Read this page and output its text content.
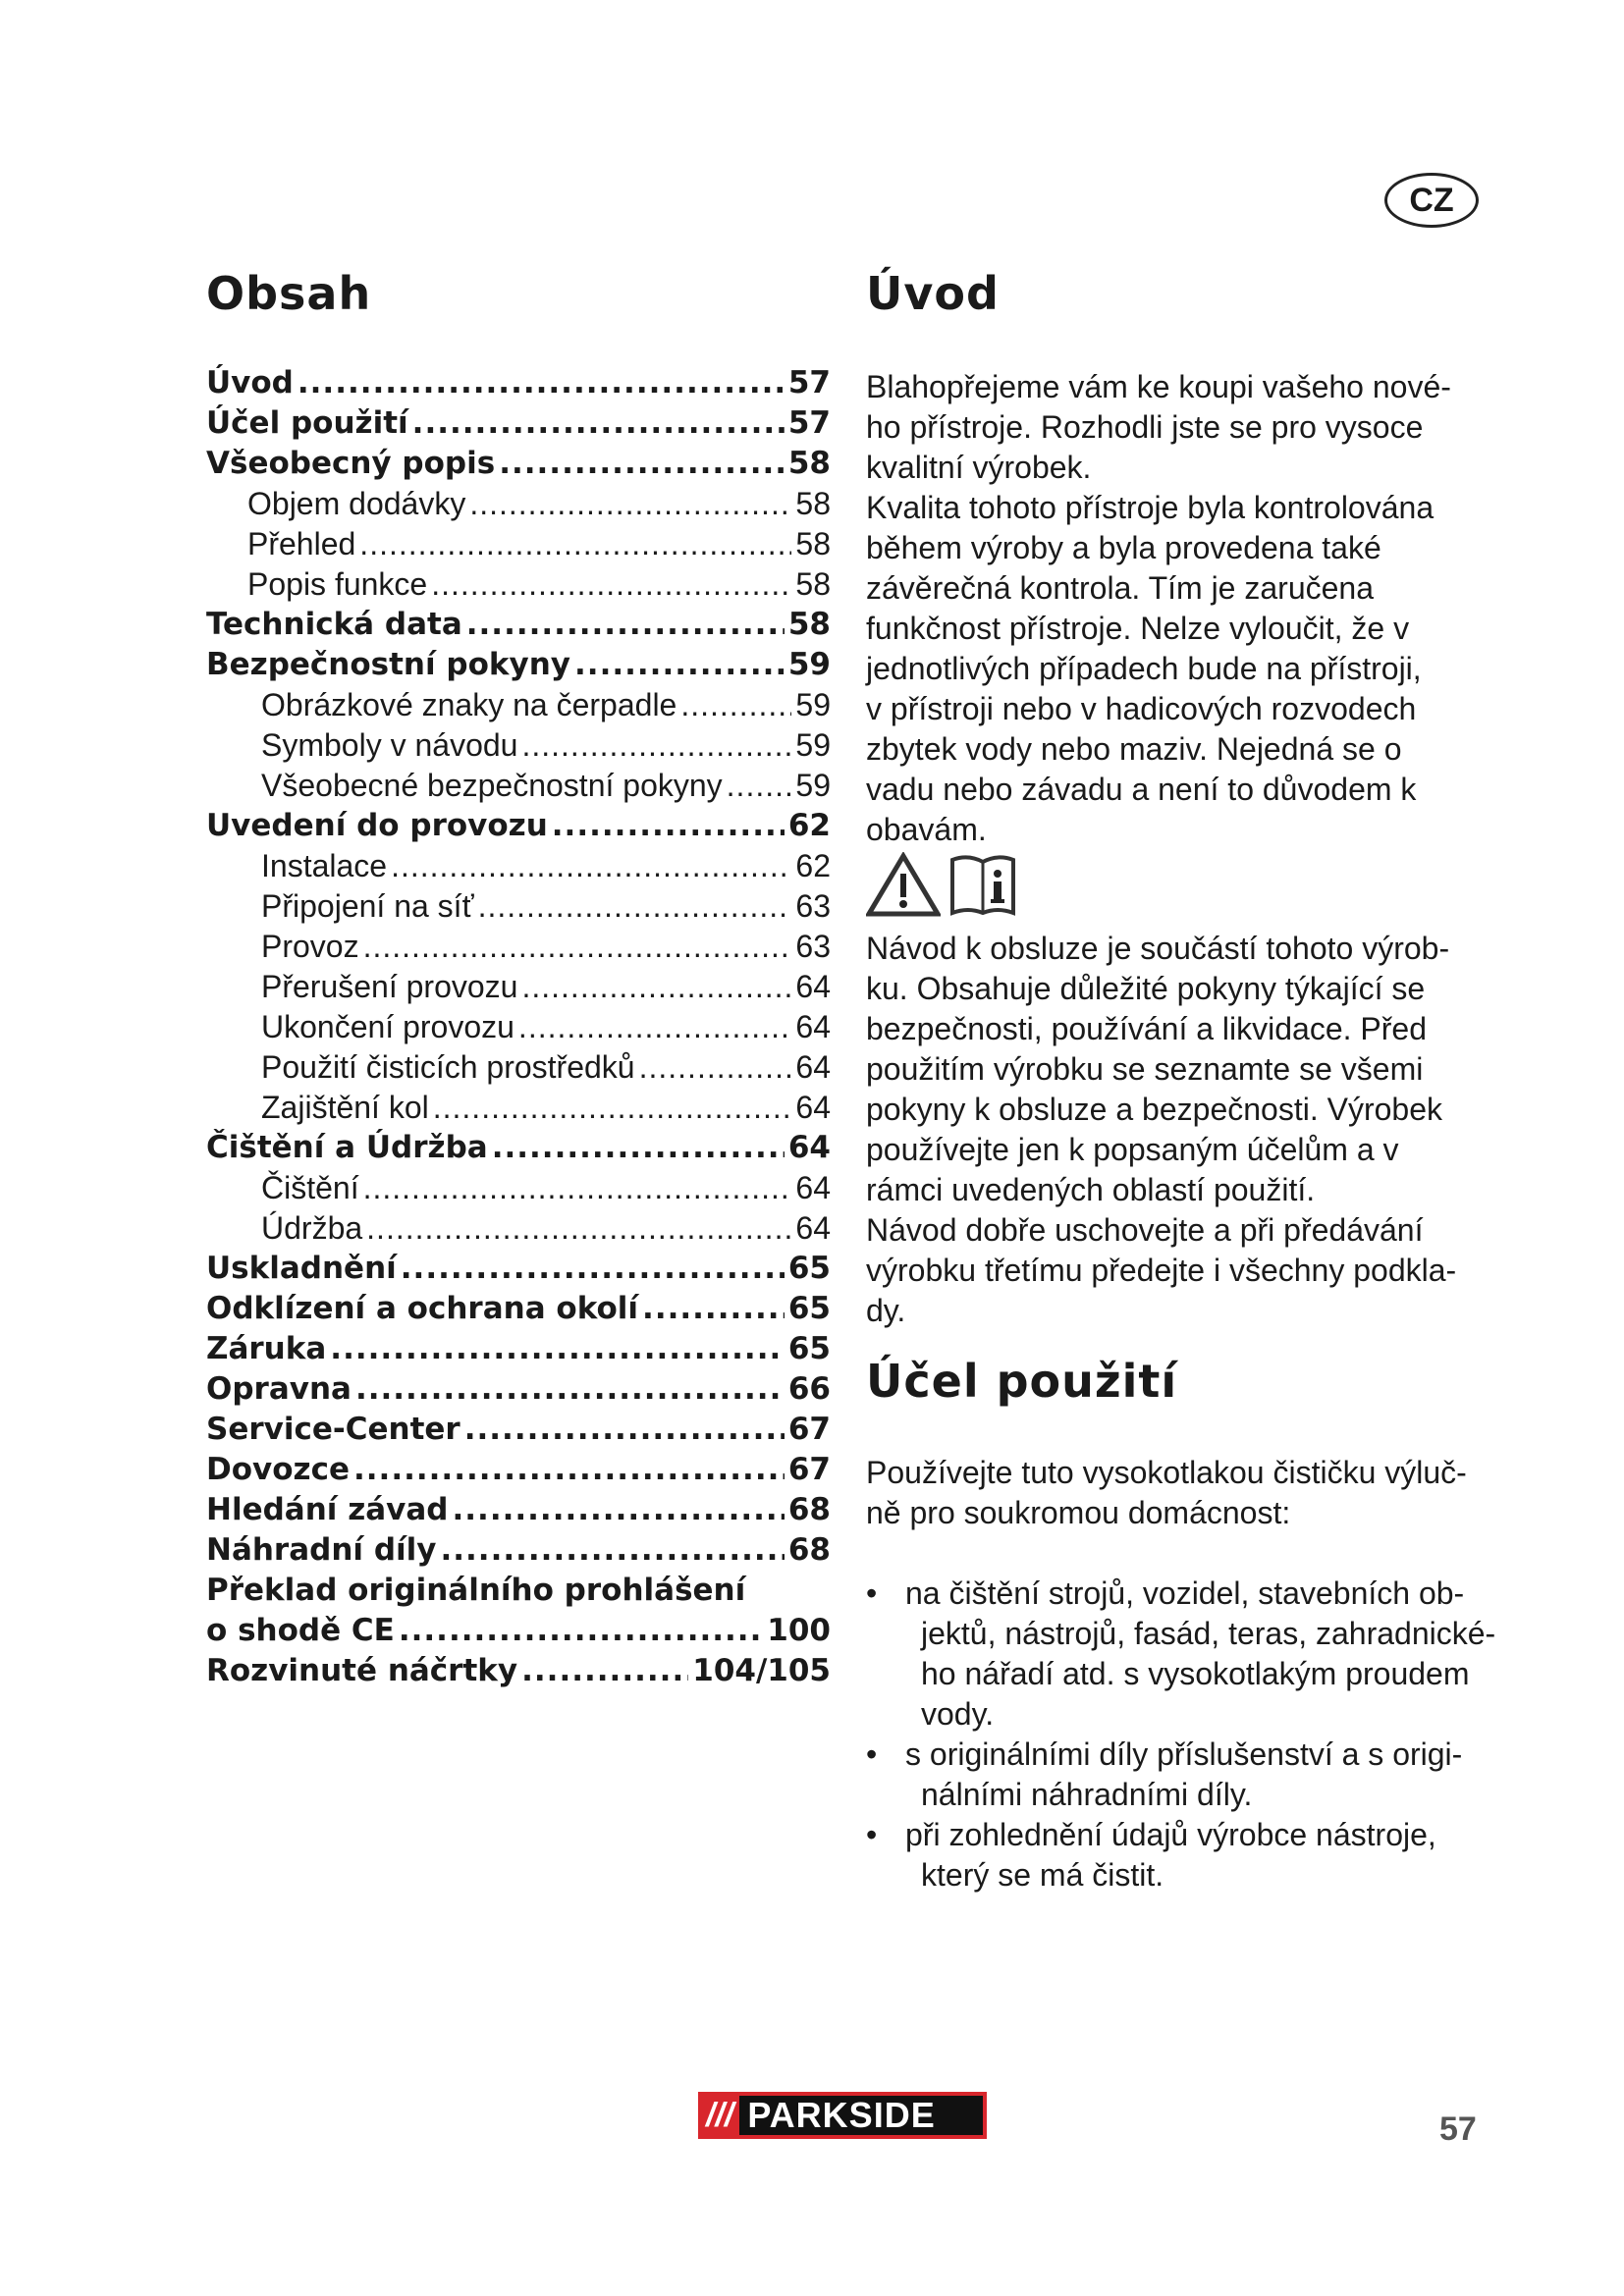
CZ
Obsah
Úvod .....	57
Účel použití .....	57
Všeobecný popis .....	58
Objem dodávky .....	58
Přehled .....	58
Popis funkce .....	58
Technická data .....	58
Bezpečnostní pokyny .....	59
Obrázkové znaky na čerpadle .....	59
Symboly v návodu .....	59
Všeobecné bezpečnostní pokyny ..... 59
Uvedení do provozu .....	62
Instalace .....	62
Připojení na síť .....	63
Provoz .....	63
Přerušení provozu .....	64
Ukončení provozu .....	64
Použití čisticích prostředků .....	64
Zajištění kol .....	64
Čištění a Údržba .....	64
Čištění .....	64
Údržba .....	64
Uskladnění .....	65
Odklízení a ochrana okolí .....	65
Záruka .....	65
Opravna .....	66
Service-Center .....	67
Dovozce .....	67
Hledání závad .....	68
Náhradní díly .....	68
Překlad originálního prohlášení
o shodě CE .....	100
Rozvinuté náčrtky .....	104/105
Úvod
Blahopřejeme vám ke koupi vašeho nové-
ho přístroje. Rozhodli jste se pro vysoce
kvalitní výrobek.
Kvalita tohoto přístroje byla kontrolována
během výroby a byla provedena také
závěrečná kontrola. Tím je zaručena
funkčnost přístroje. Nelze vyloučit, že v
jednotlivých případech bude na přístroji,
v přístroji nebo v hadicových rozvodech
zbytek vody nebo maziv. Nejedná se o
vadu nebo závadu a není to důvodem k
obavám.
Návod k obsluze je součástí tohoto výrob-
ku. Obsahuje důležité pokyny týkající se
bezpečnosti, používání a likvidace. Před
použitím výrobku se seznamte se všemi
pokyny k obsluze a bezpečnosti. Výrobek
používejte jen k popsaným účelům a v
rámci uvedených oblastí použití.
Návod dobře uschovejte a při předávání
výrobku třetímu předejte i všechny podkla-
dy.
Účel použití
Používejte tuto vysokotlakou čističku výluč-
ně pro soukromou domácnost:
• na čištění strojů, vozidel, stavebních ob-
jektů, nástrojů, fasád, teras, zahradnické-
ho nářadí atd. s vysokotlakým proudem
vody.
• s originálními díly příslušenství a s origi-
nálními náhradními díly.
• při zohlednění údajů výrobce nástroje,
který se má čistit.
/// PARKSIDE	57
